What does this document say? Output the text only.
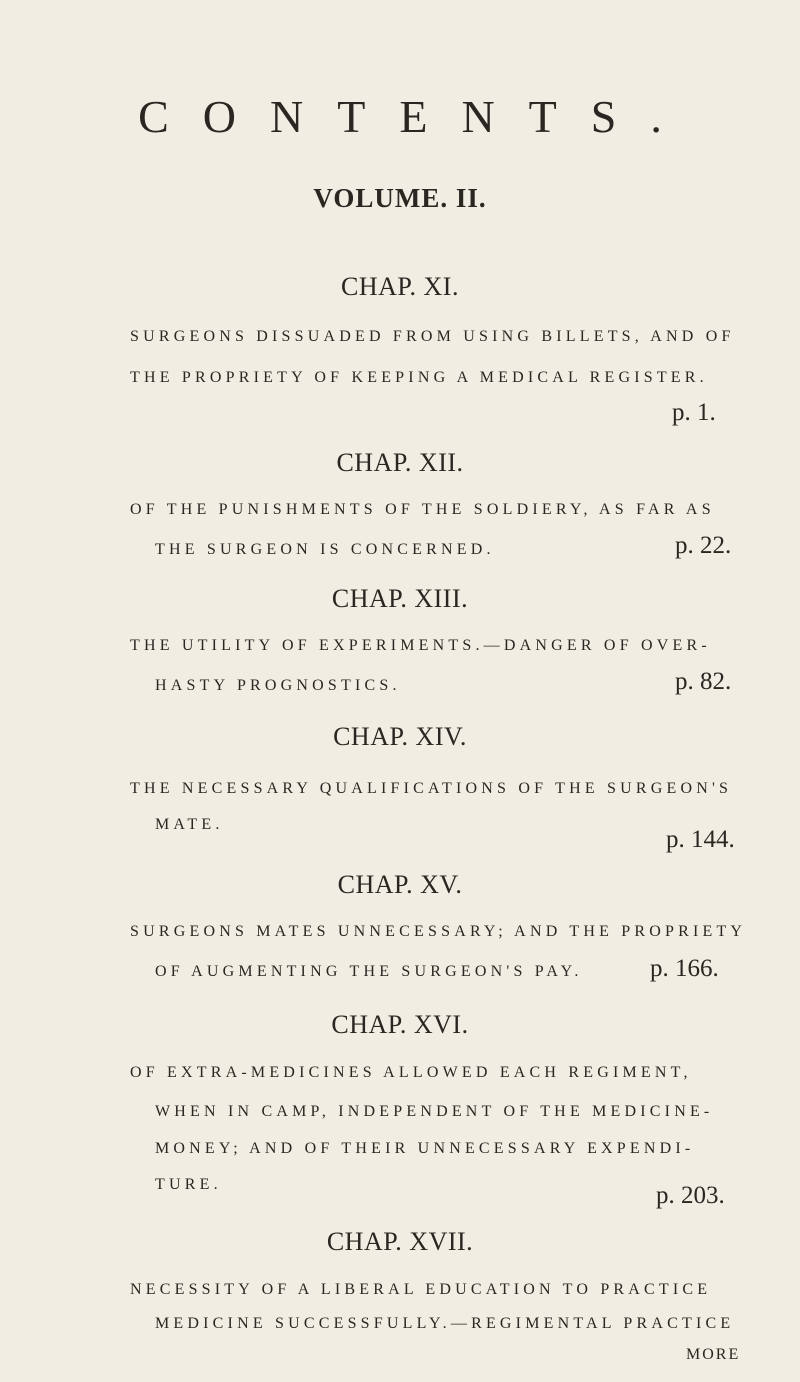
CONTENTS.
VOLUME. II.
CHAP. XI.
SURGEONS DISSUADED FROM USING BILLETS, AND OF
THE PROPRIETY OF KEEPING A MEDICAL REGISTER.
p. 1.
CHAP. XII.
OF THE PUNISHMENTS OF THE SOLDIERY, AS FAR AS
THE SURGEON IS CONCERNED.	p. 22.
CHAP. XIII.
THE UTILITY OF EXPERIMENTS.—DANGER OF OVER-
HASTY PROGNOSTICS.	p. 82.
CHAP. XIV.
THE NECESSARY QUALIFICATIONS OF THE SURGEON'S
MATE.
p. 144.
CHAP. XV.
SURGEONS MATES UNNECESSARY; AND THE PROPRIETY
OF AUGMENTING THE SURGEON'S PAY.	p. 166.
CHAP. XVI.
OF EXTRA-MEDICINES ALLOWED EACH REGIMENT,
WHEN IN CAMP, INDEPENDENT OF THE MEDICINE-
MONEY; AND OF THEIR UNNECESSARY EXPENDI-
TURE.	p. 203.
CHAP. XVII.
NECESSITY OF A LIBERAL EDUCATION TO PRACTICE
MEDICINE SUCCESSFULLY.—REGIMENTAL PRACTICE
MORE
